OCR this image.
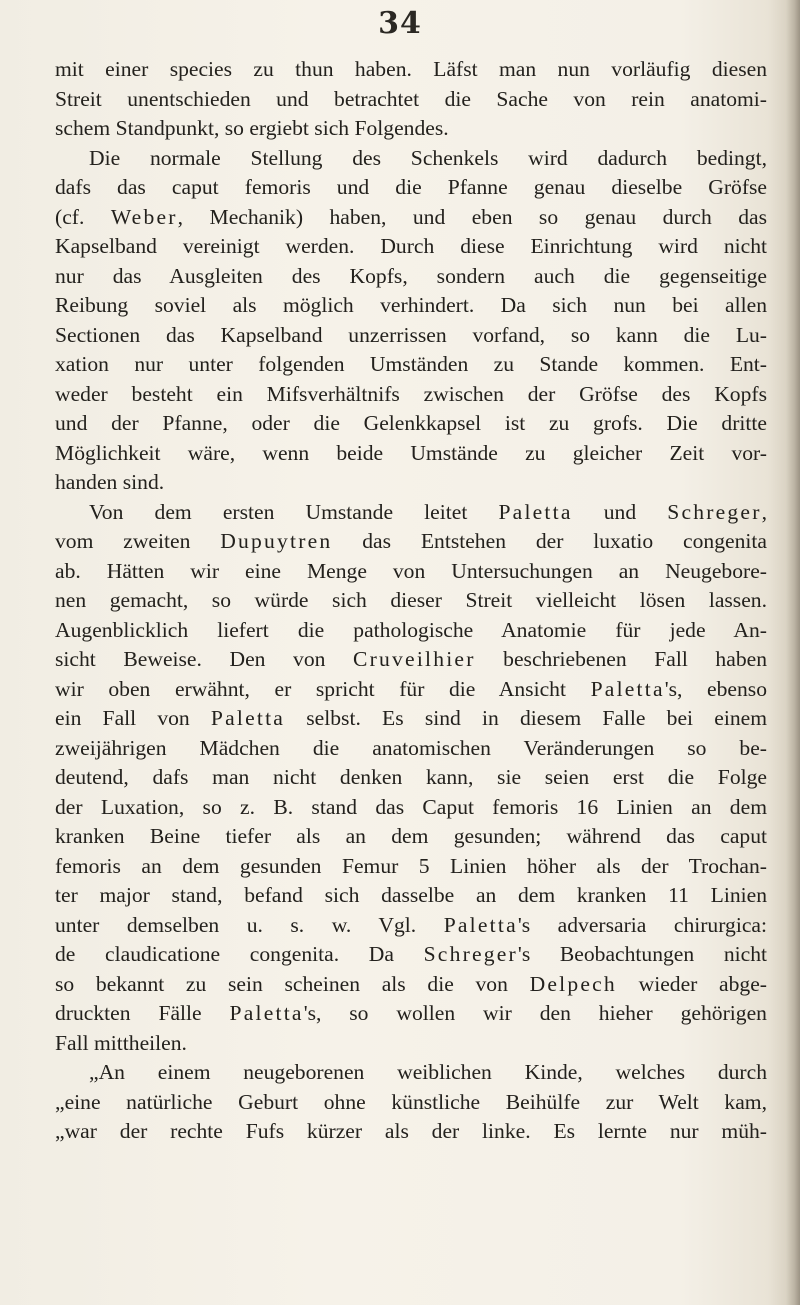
34
mit einer species zu thun haben. Läfst man nun vorläufig diesen
Streit unentschieden und betrachtet die Sache von rein anatomi-
schem Standpunkt, so ergiebt sich Folgendes.
Die normale Stellung des Schenkels wird dadurch bedingt,
dafs das caput femoris und die Pfanne genau dieselbe Gröfse
(cf. Weber, Mechanik) haben, und eben so genau durch das
Kapselband vereinigt werden. Durch diese Einrichtung wird nicht
nur das Ausgleiten des Kopfs, sondern auch die gegenseitige
Reibung soviel als möglich verhindert. Da sich nun bei allen
Sectionen das Kapselband unzerrissen vorfand, so kann die Lu-
xation nur unter folgenden Umständen zu Stande kommen. Ent-
weder besteht ein Mifsverhältnifs zwischen der Gröfse des Kopfs
und der Pfanne, oder die Gelenkkapsel ist zu grofs. Die dritte
Möglichkeit wäre, wenn beide Umstände zu gleicher Zeit vor-
handen sind.
Von dem ersten Umstande leitet Paletta und Schreger,
vom zweiten Dupuytren das Entstehen der luxatio congenita
ab. Hätten wir eine Menge von Untersuchungen an Neugebore-
nen gemacht, so würde sich dieser Streit vielleicht lösen lassen.
Augenblicklich liefert die pathologische Anatomie für jede An-
sicht Beweise. Den von Cruveilhier beschriebenen Fall haben
wir oben erwähnt, er spricht für die Ansicht Paletta's, ebenso
ein Fall von Paletta selbst. Es sind in diesem Falle bei einem
zweijährigen Mädchen die anatomischen Veränderungen so be-
deutend, dafs man nicht denken kann, sie seien erst die Folge
der Luxation, so z. B. stand das Caput femoris 16 Linien an dem
kranken Beine tiefer als an dem gesunden; während das caput
femoris an dem gesunden Femur 5 Linien höher als der Trochan-
ter major stand, befand sich dasselbe an dem kranken 11 Linien
unter demselben u. s. w. Vgl. Paletta's adversaria chirurgica:
de claudicatione congenita. Da Schreger's Beobachtungen nicht
so bekannt zu sein scheinen als die von Delpech wieder abge-
druckten Fälle Paletta's, so wollen wir den hieher gehörigen
Fall mittheilen.
„An einem neugeborenen weiblichen Kinde, welches durch
„eine natürliche Geburt ohne künstliche Beihülfe zur Welt kam,
„war der rechte Fufs kürzer als der linke. Es lernte nur müh-
